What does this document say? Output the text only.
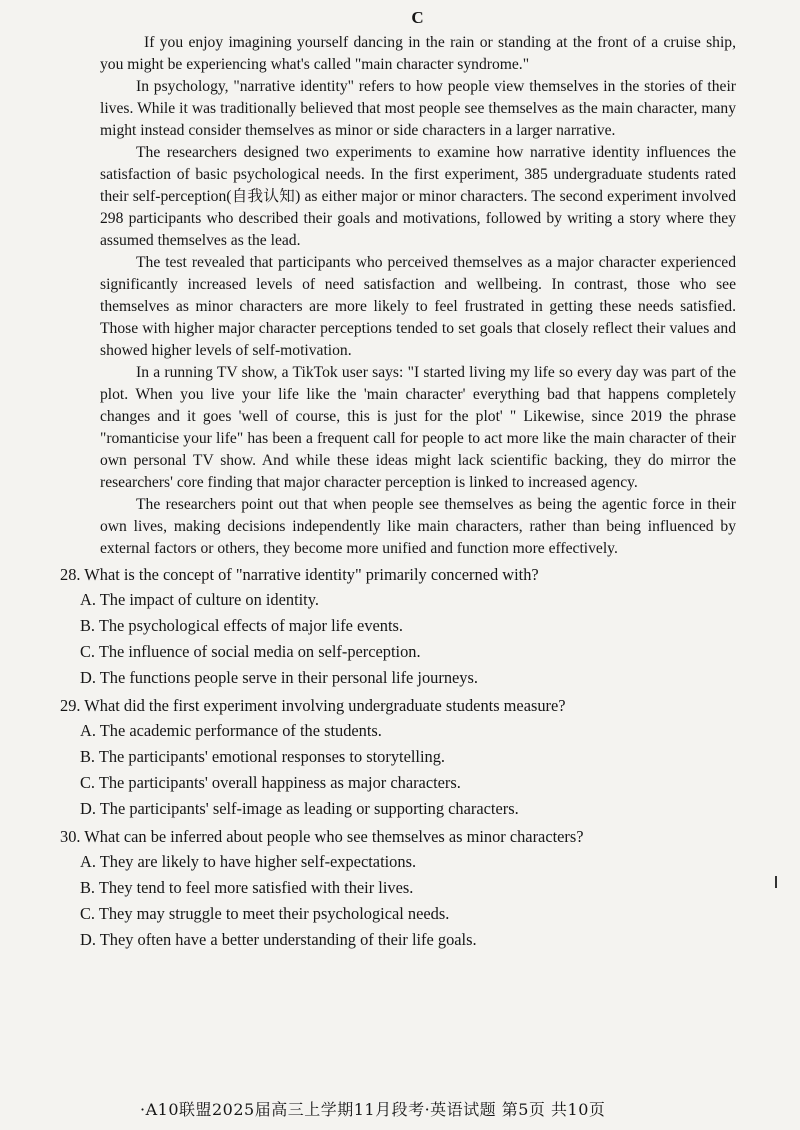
C

If you enjoy imagining yourself dancing in the rain or standing at the front of a cruise ship, you might be experiencing what's called "main character syndrome."

In psychology, "narrative identity" refers to how people view themselves in the stories of their lives. While it was traditionally believed that most people see themselves as the main character, many might instead consider themselves as minor or side characters in a larger narrative.

The researchers designed two experiments to examine how narrative identity influences the satisfaction of basic psychological needs. In the first experiment, 385 undergraduate students rated their self-perception(自我认知) as either major or minor characters. The second experiment involved 298 participants who described their goals and motivations, followed by writing a story where they assumed themselves as the lead.

The test revealed that participants who perceived themselves as a major character experienced significantly increased levels of need satisfaction and wellbeing. In contrast, those who see themselves as minor characters are more likely to feel frustrated in getting these needs satisfied. Those with higher major character perceptions tended to set goals that closely reflect their values and showed higher levels of self-motivation.

In a running TV show, a TikTok user says: "I started living my life so every day was part of the plot. When you live your life like the 'main character' everything bad that happens completely changes and it goes 'well of course, this is just for the plot' " Likewise, since 2019 the phrase "romanticise your life" has been a frequent call for people to act more like the main character of their own personal TV show. And while these ideas might lack scientific backing, they do mirror the researchers' core finding that major character perception is linked to increased agency.

The researchers point out that when people see themselves as being the agentic force in their own lives, making decisions independently like main characters, rather than being influenced by external factors or others, they become more unified and function more effectively.

28. What is the concept of "narrative identity" primarily concerned with?

A. The impact of culture on identity.

B. The psychological effects of major life events.

C. The influence of social media on self-perception.

D. The functions people serve in their personal life journeys.

29. What did the first experiment involving undergraduate students measure?

A. The academic performance of the students.

B. The participants' emotional responses to storytelling.

C. The participants' overall happiness as major characters.

D. The participants' self-image as leading or supporting characters.

30. What can be inferred about people who see themselves as minor characters?

A. They are likely to have higher self-expectations.

B. They tend to feel more satisfied with their lives.

C. They may struggle to meet their psychological needs.

D. They often have a better understanding of their life goals.

·A10联盟2025届高三上学期11月段考·英语试题 第5页 共10页
